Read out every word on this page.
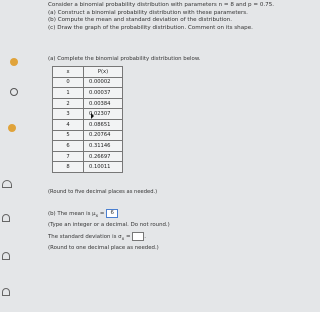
Consider a binomial probability distribution with parameters n = 8 and p = 0.75.
(a) Construct a binomial probability distribution with these parameters.
(b) Compute the mean and standard deviation of the distribution.
(c) Draw the graph of the probability distribution. Comment on its shape.
(a) Complete the binomial probability distribution below.
x	P(x)
0	0.00002
1	0.00037
2	0.00384
3	0.02307
4	0.08651
5	0.20764
6	0.31146
7	0.26697
8	0.10011
(Round to five decimal places as needed.)
(b) The mean is $\mu_x = 6$
(Type an integer or a decimal. Do not round.)
The standard deviation is $\sigma_x$ = .
(Round to one decimal place as needed.)
